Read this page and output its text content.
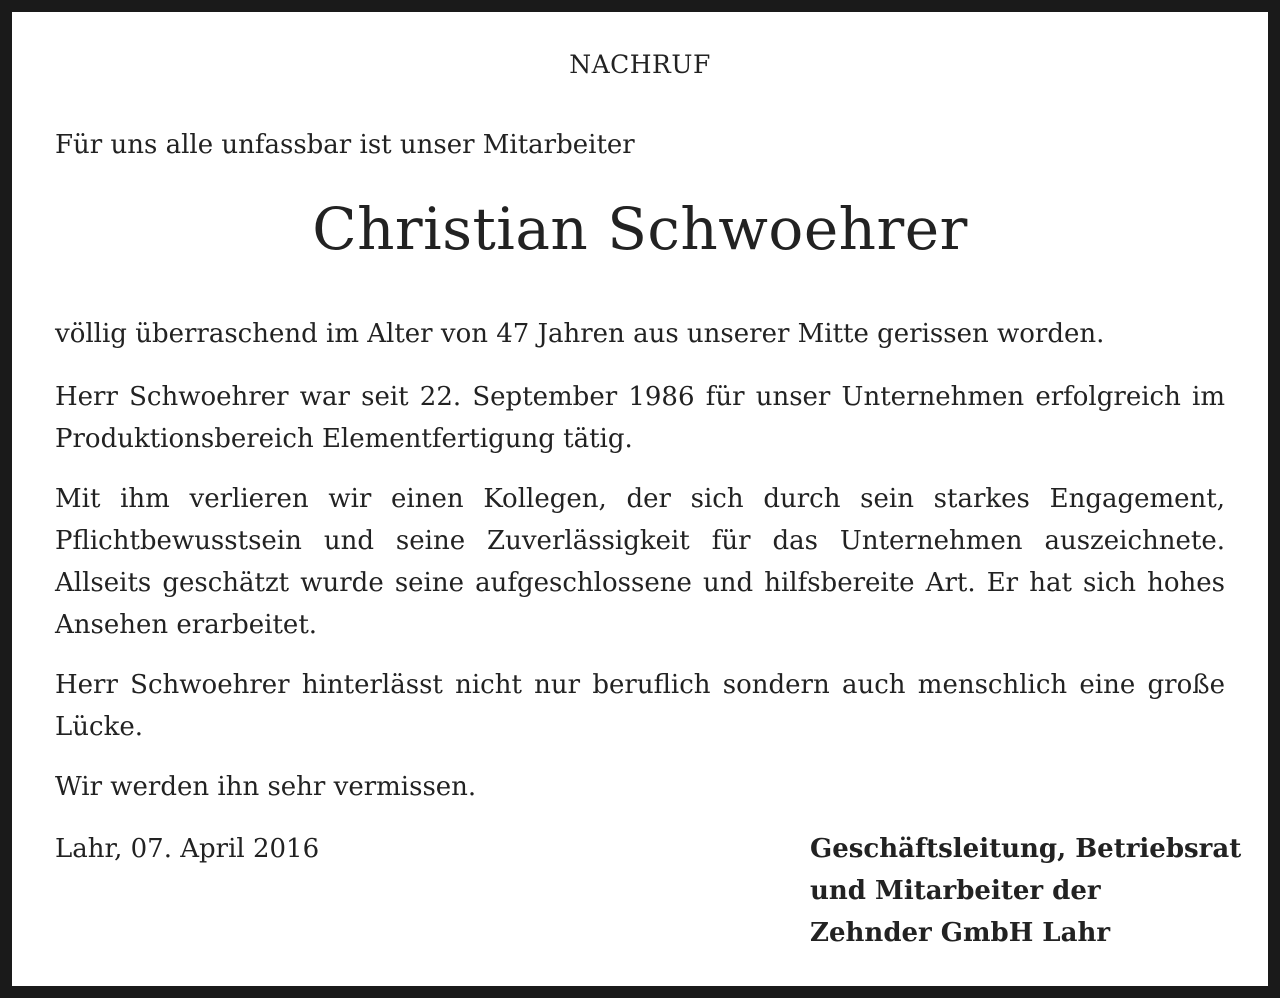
NACHRUF
Für uns alle unfassbar ist unser Mitarbeiter
Christian Schwoehrer

völlig überraschend im Alter von 47 Jahren aus unserer Mitte gerissen worden.

Herr Schwoehrer war seit 22. September 1986 für unser Unternehmen erfolgreich im Produktionsbereich Elementfertigung tätig.

Mit ihm verlieren wir einen Kollegen, der sich durch sein starkes Engagement, Pflichtbewusstsein und seine Zuverlässigkeit für das Unternehmen auszeichnete. Allseits geschätzt wurde seine aufgeschlossene und hilfsbereite Art. Er hat sich hohes Ansehen erarbeitet.

Herr Schwoehrer hinterlässt nicht nur beruflich sondern auch menschlich eine große Lücke.

Wir werden ihn sehr vermissen.

Lahr, 07. April 2016	Geschäftsleitung, Betriebsrat
und Mitarbeiter der
Zehnder GmbH Lahr
